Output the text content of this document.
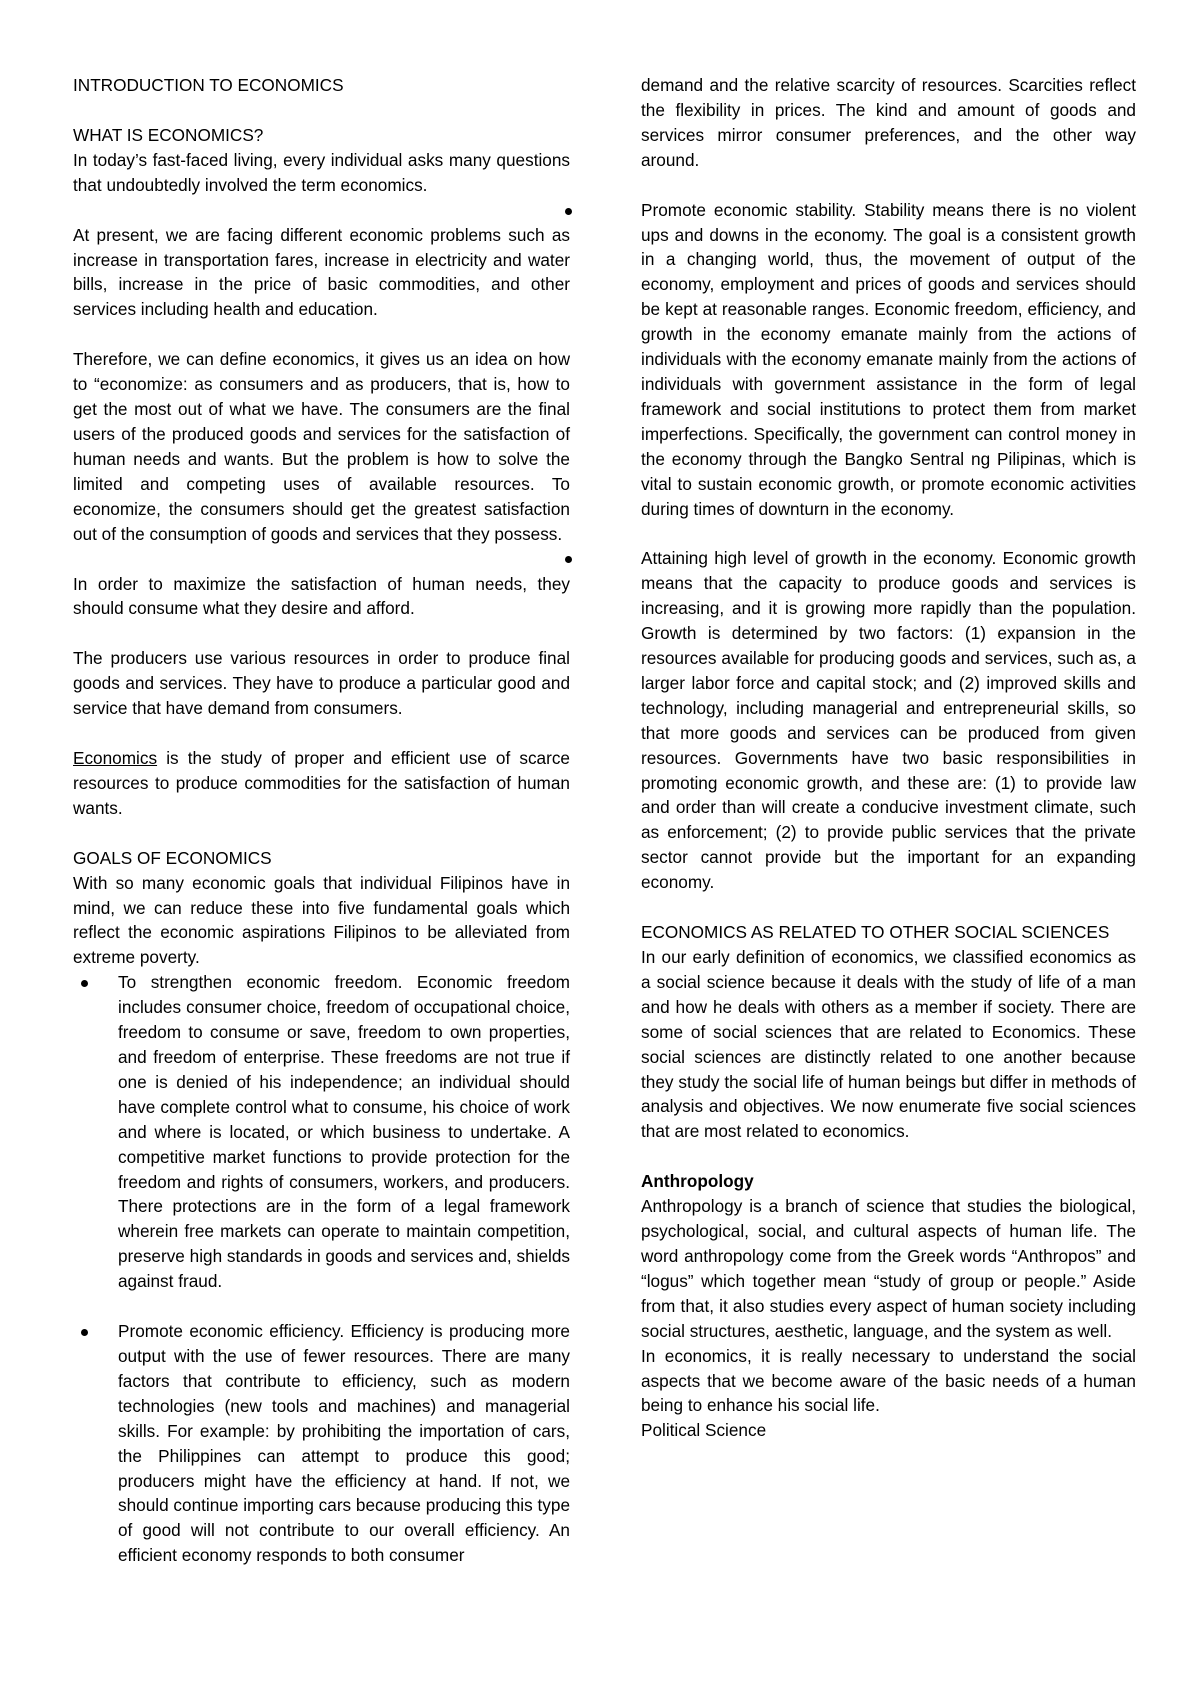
INTRODUCTION TO ECONOMICS

WHAT IS ECONOMICS?

In today’s fast-faced living, every individual asks many questions that undoubtedly involved the term economics.

At present, we are facing different economic problems such as increase in transportation fares, increase in electricity and water bills, increase in the price of basic commodities, and other services including health and education.

Therefore, we can define economics, it gives us an idea on how to “economize: as consumers and as producers, that is, how to get the most out of what we have. The consumers are the final users of the produced goods and services for the satisfaction of human needs and wants. But the problem is how to solve the limited and competing uses of available resources. To economize, the consumers should get the greatest satisfaction out of the consumption of goods and services that they possess.

In order to maximize the satisfaction of human needs, they should consume what they desire and afford.

The producers use various resources in order to produce final goods and services. They have to produce a particular good and service that have demand from consumers.

Economics is the study of proper and efficient use of scarce resources to produce commodities for the satisfaction of human wants.

GOALS OF ECONOMICS

With so many economic goals that individual Filipinos have in mind, we can reduce these into five fundamental goals which reflect the economic aspirations Filipinos to be alleviated from extreme poverty.

To strengthen economic freedom. Economic freedom includes consumer choice, freedom of occupational choice, freedom to consume or save, freedom to own properties, and freedom of enterprise. These freedoms are not true if one is denied of his independence; an individual should have complete control what to consume, his choice of work and where is located, or which business to undertake. A competitive market functions to provide protection for the freedom and rights of consumers, workers, and producers. There protections are in the form of a legal framework wherein free markets can operate to maintain competition, preserve high standards in goods and services and, shields against fraud.
Promote economic efficiency. Efficiency is producing more output with the use of fewer resources. There are many factors that contribute to efficiency, such as modern technologies (new tools and machines) and managerial skills. For example: by prohibiting the importation of cars, the Philippines can attempt to produce this good; producers might have the efficiency at hand. If not, we should continue importing cars because producing this type of good will not contribute to our overall efficiency. An efficient economy responds to both consumer

demand and the relative scarcity of resources. Scarcities reflect the flexibility in prices. The kind and amount of goods and services mirror consumer preferences, and the other way around.

Promote economic stability. Stability means there is no violent ups and downs in the economy. The goal is a consistent growth in a changing world, thus, the movement of output of the economy, employment and prices of goods and services should be kept at reasonable ranges. Economic freedom, efficiency, and growth in the economy emanate mainly from the actions of individuals with the economy emanate mainly from the actions of individuals with government assistance in the form of legal framework and social institutions to protect them from market imperfections. Specifically, the government can control money in the economy through the Bangko Sentral ng Pilipinas, which is vital to sustain economic growth, or promote economic activities during times of downturn in the economy.
Attaining high level of growth in the economy. Economic growth means that the capacity to produce goods and services is increasing, and it is growing more rapidly than the population. Growth is determined by two factors: (1) expansion in the resources available for producing goods and services, such as, a larger labor force and capital stock; and (2) improved skills and technology, including managerial and entrepreneurial skills, so that more goods and services can be produced from given resources. Governments have two basic responsibilities in promoting economic growth, and these are: (1) to provide law and order than will create a conducive investment climate, such as enforcement; (2) to provide public services that the private sector cannot provide but the important for an expanding economy.

ECONOMICS AS RELATED TO OTHER SOCIAL SCIENCES

In our early definition of economics, we classified economics as a social science because it deals with the study of life of a man and how he deals with others as a member if society. There are some of social sciences that are related to Economics. These social sciences are distinctly related to one another because they study the social life of human beings but differ in methods of analysis and objectives. We now enumerate five social sciences that are most related to economics.

Anthropology

Anthropology is a branch of science that studies the biological, psychological, social, and cultural aspects of human life. The word anthropology come from the Greek words “Anthropos” and “logus” which together mean “study of group or people.” Aside from that, it also studies every aspect of human society including social structures, aesthetic, language, and the system as well.

In economics, it is really necessary to understand the social aspects that we become aware of the basic needs of a human being to enhance his social life.

Political Science
